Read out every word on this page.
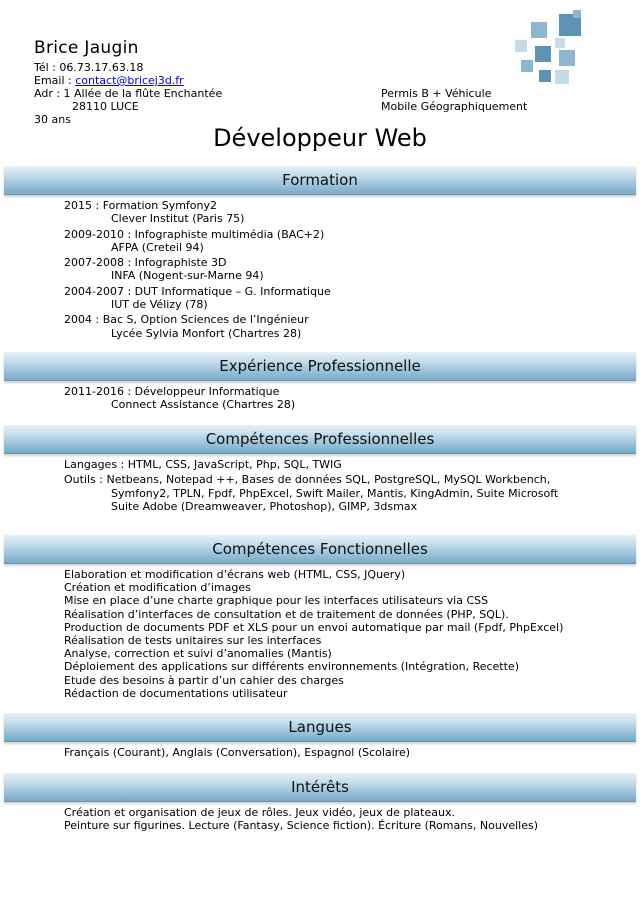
Brice Jaugin
Tél : 06.73.17.63.18
Email : contact@bricej3d.fr
Adr : 1 Allée de la flûte Enchantée
28110 LUCE
30 ans
Permis B + Véhicule
Mobile Géographiquement
Développeur Web
Formation
2015 : Formation Symfony2
Clever Institut (Paris 75)
2009-2010 : Infographiste multimédia (BAC+2)
AFPA (Creteil 94)
2007-2008 : Infographiste 3D
INFA (Nogent-sur-Marne 94)
2004-2007 : DUT Informatique – G. Informatique
IUT de Vélizy (78)
2004 : Bac S, Option Sciences de l’Ingénieur
Lycée Sylvia Monfort (Chartres 28)
Expérience Professionnelle
2011-2016 : Développeur Informatique
Connect Assistance (Chartres 28)
Compétences Professionnelles
Langages : HTML, CSS, JavaScript, Php, SQL, TWIG
Outils : Netbeans, Notepad ++, Bases de données SQL, PostgreSQL, MySQL Workbench,
Symfony2, TPLN, Fpdf, PhpExcel, Swift Mailer, Mantis, KingAdmin, Suite Microsoft
Suite Adobe (Dreamweaver, Photoshop), GIMP, 3dsmax
Compétences Fonctionnelles
Elaboration et modification d’écrans web (HTML, CSS, JQuery)
Création et modification d’images
Mise en place d’une charte graphique pour les interfaces utilisateurs via CSS
Réalisation d’interfaces de consultation et de traitement de données (PHP, SQL).
Production de documents PDF et XLS pour un envoi automatique par mail (Fpdf, PhpExcel)
Réalisation de tests unitaires sur les interfaces
Analyse, correction et suivi d’anomalies (Mantis)
Déploiement des applications sur différents environnements (Intégration, Recette)
Etude des besoins à partir d’un cahier des charges
Rédaction de documentations utilisateur
Langues
Français (Courant), Anglais (Conversation), Espagnol (Scolaire)
Intérêts
Création et organisation de jeux de rôles. Jeux vidéo, jeux de plateaux.
Peinture sur figurines. Lecture (Fantasy, Science fiction). Écriture (Romans, Nouvelles)
